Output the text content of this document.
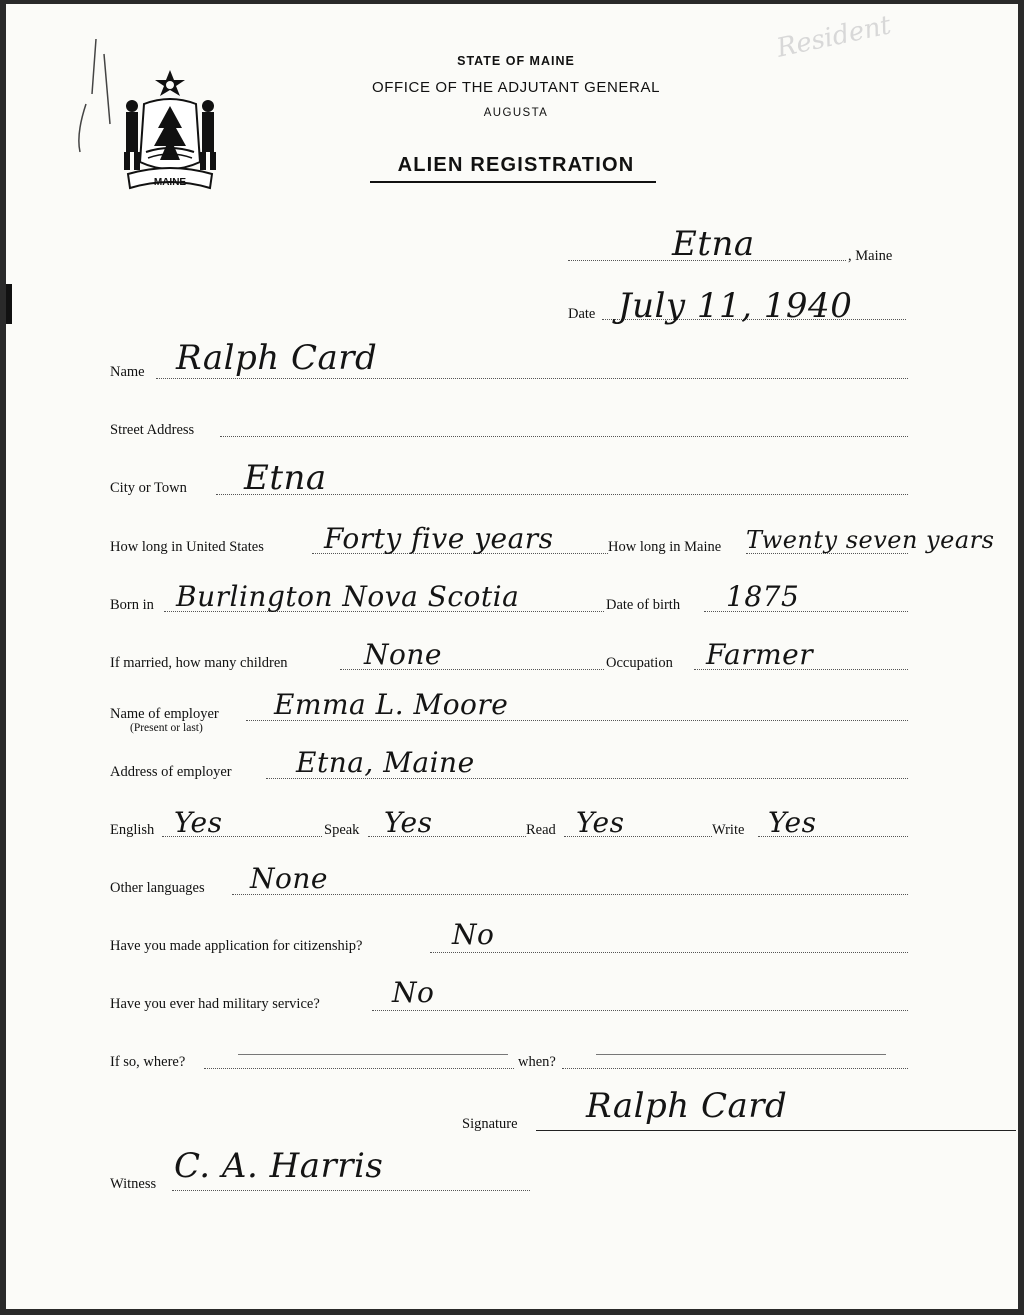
Resident
MAINE
STATE OF MAINE
OFFICE OF THE ADJUTANT GENERAL
AUGUSTA
ALIEN REGISTRATION
Etna	, Maine
Date July 11, 1940
Name Ralph Card
Street Address
City or Town Etna
How long in United States Forty five years	How long in Maine Twenty seven years
Born in Burlington Nova Scotia	Date of birth 1875
If married, how many children	None	Occupation Farmer
Name of employer
(Present or last)
Emma L. Moore
Address of employer Etna, Maine
English Yes	Speak Yes	Read Yes	Write Yes
Other languages None
Have you made application for citizenship?	No
Have you ever had military service?	No
If so, where?	when?
Signature Ralph Card
Witness C. A. Harris
